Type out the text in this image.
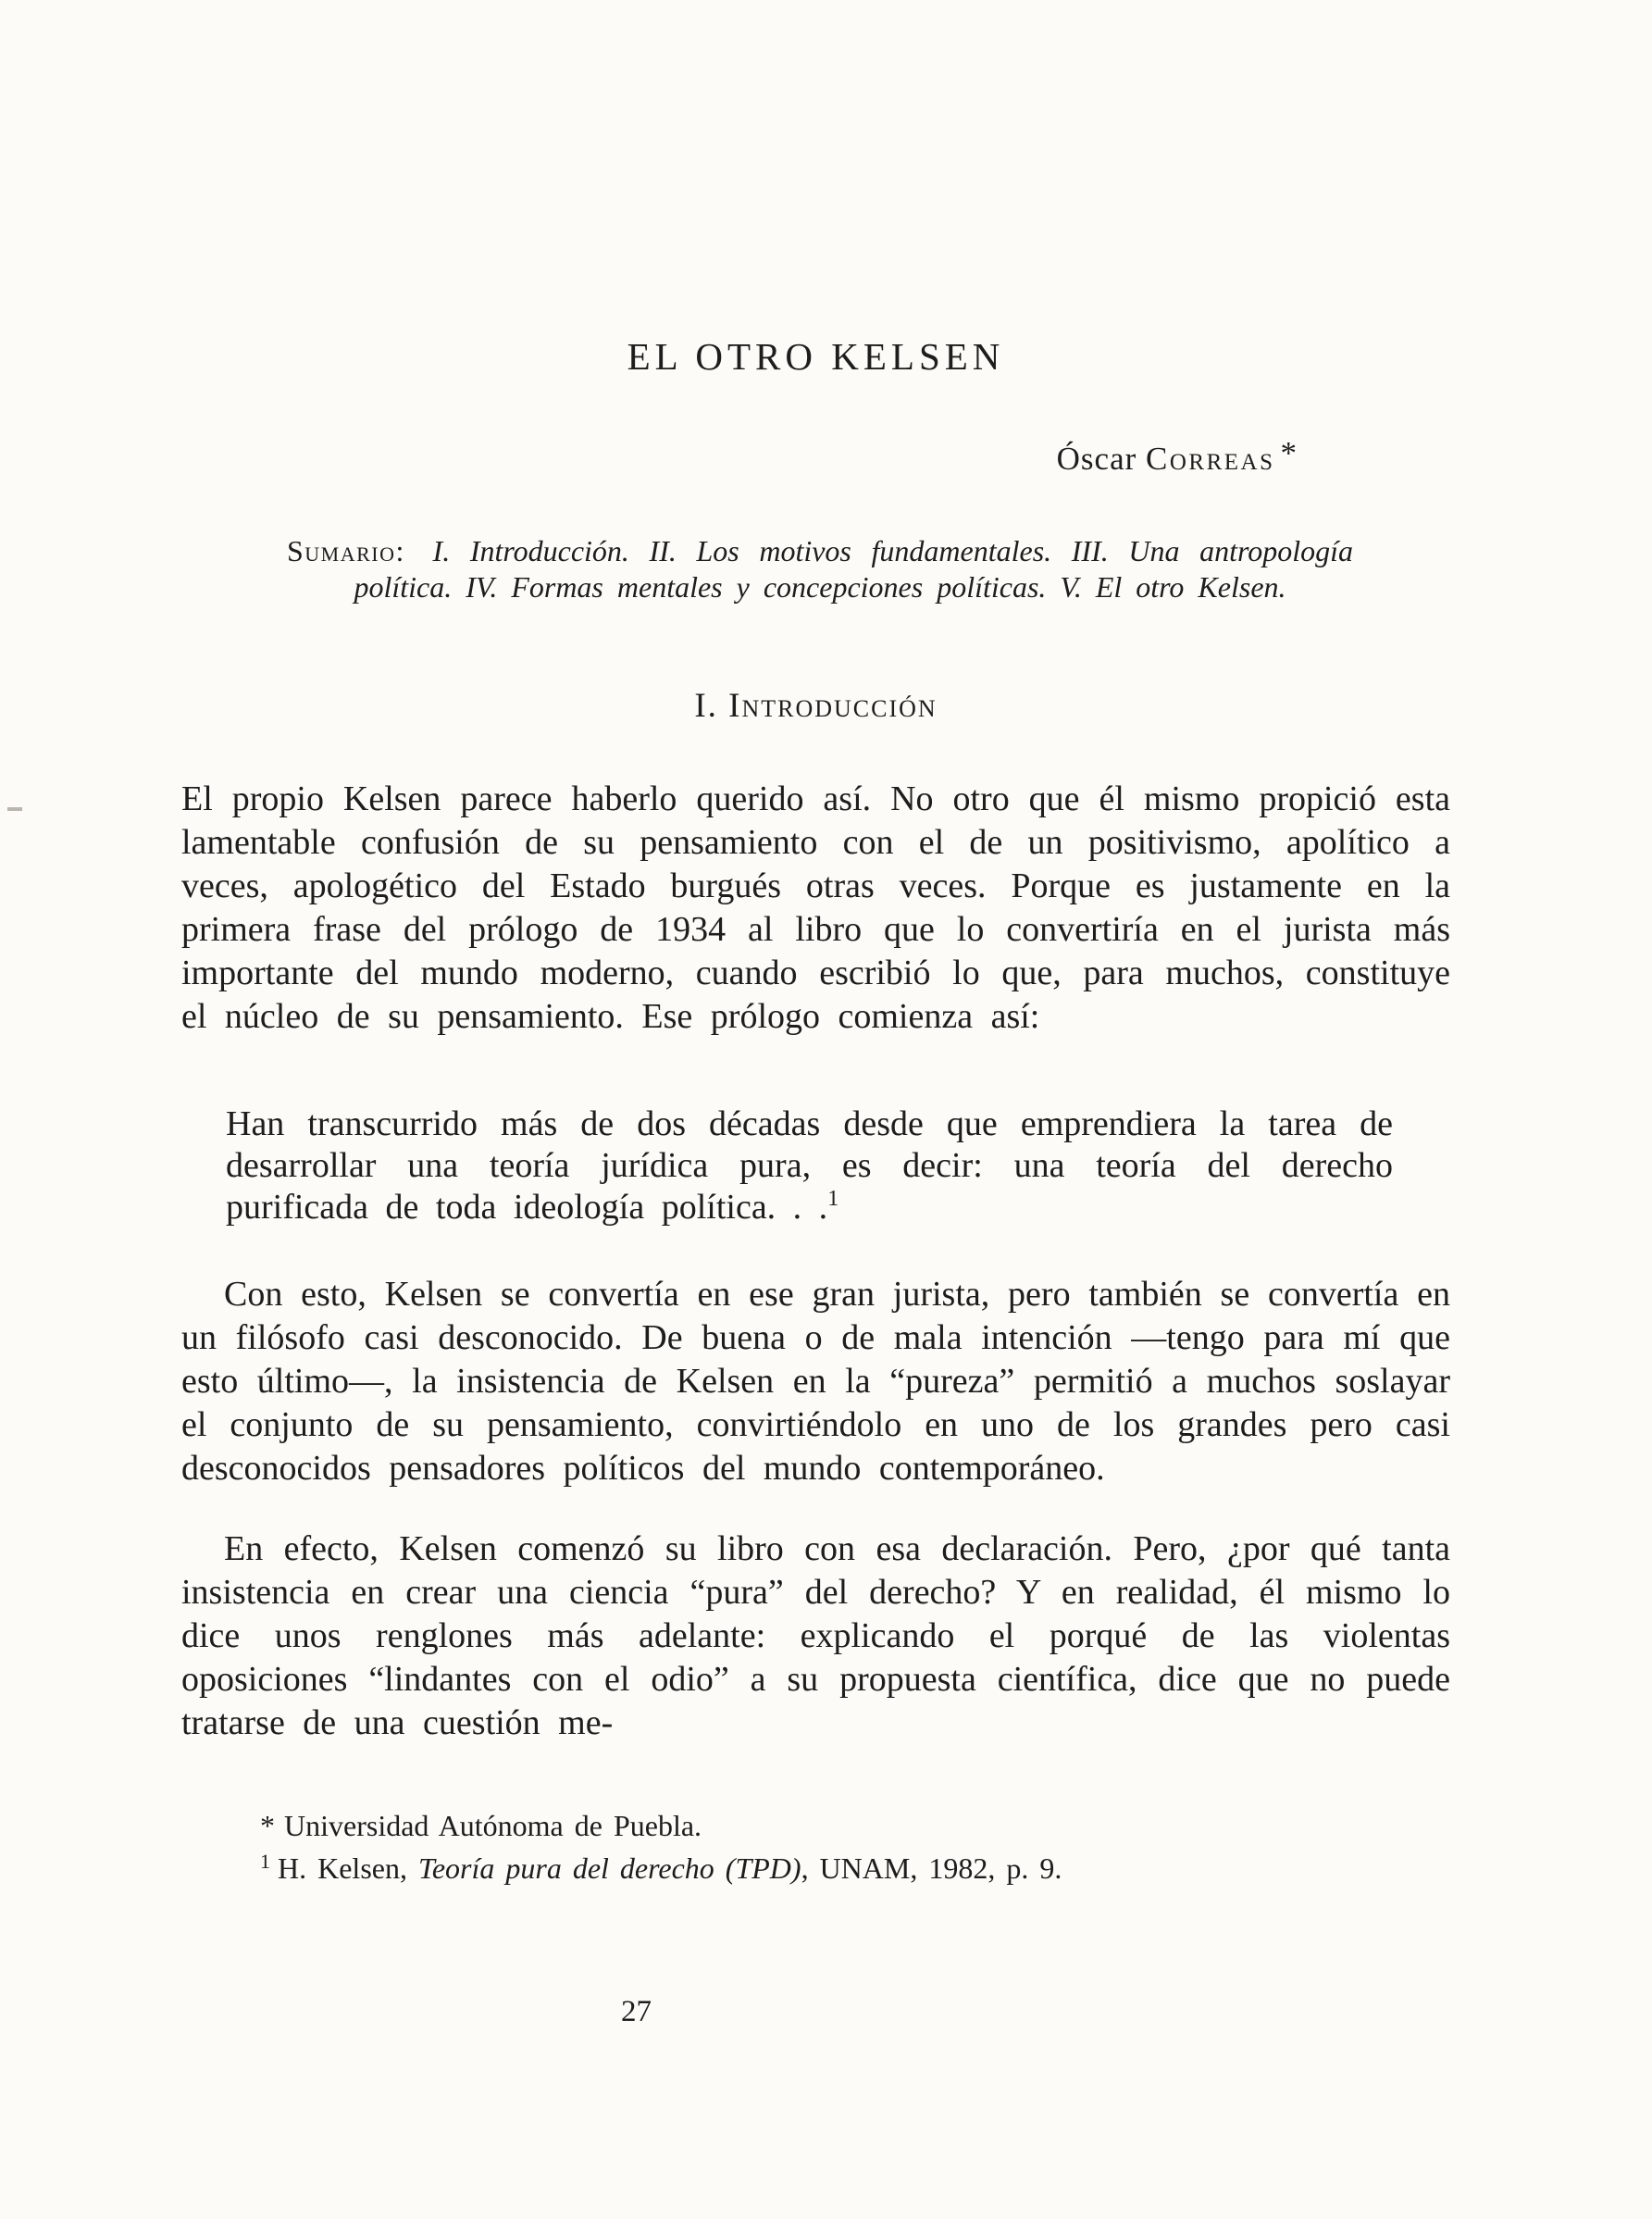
EL OTRO KELSEN
Óscar Correas *

Sumario: I. Introducción. II. Los motivos fundamentales. III. Una antropología política. IV. Formas mentales y concepciones políticas. V. El otro Kelsen.

I. Introducción

El propio Kelsen parece haberlo querido así. No otro que él mismo propició esta lamentable confusión de su pensamiento con el de un positivismo, apolítico a veces, apologético del Estado burgués otras veces. Porque es justamente en la primera frase del prólogo de 1934 al libro que lo convertiría en el jurista más importante del mundo moderno, cuando escribió lo que, para muchos, constituye el núcleo de su pensamiento. Ese prólogo comienza así:

Han transcurrido más de dos décadas desde que emprendiera la tarea de desarrollar una teoría jurídica pura, es decir: una teoría del derecho purificada de toda ideología política. . .$^1$

Con esto, Kelsen se convertía en ese gran jurista, pero también se convertía en un filósofo casi desconocido. De buena o de mala intención —tengo para mí que esto último—, la insistencia de Kelsen en la “pureza” permitió a muchos soslayar el conjunto de su pensamiento, convirtiéndolo en uno de los grandes pero casi desconocidos pensadores políticos del mundo contemporáneo.

En efecto, Kelsen comenzó su libro con esa declaración. Pero, ¿por qué tanta insistencia en crear una ciencia “pura” del derecho? Y en realidad, él mismo lo dice unos renglones más adelante: explicando el porqué de las violentas oposiciones “lindantes con el odio” a su propuesta científica, dice que no puede tratarse de una cuestión me-

* Universidad Autónoma de Puebla.

$^1$ H. Kelsen, Teoría pura del derecho (TPD), UNAM, 1982, p. 9.

27
